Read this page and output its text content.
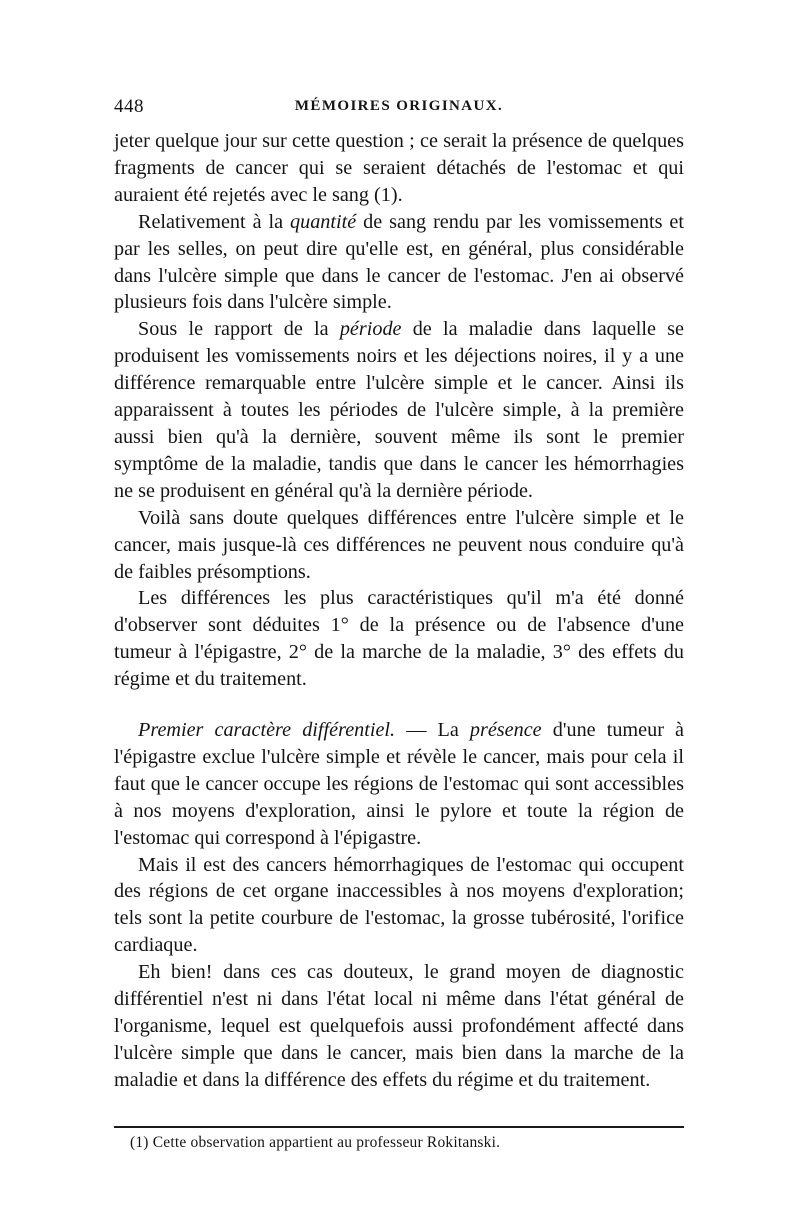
448	MÉMOIRES ORIGINAUX.

jeter quelque jour sur cette question ; ce serait la présence de quelques fragments de cancer qui se seraient détachés de l'estomac et qui auraient été rejetés avec le sang (1).

Relativement à la quantité de sang rendu par les vomissements et par les selles, on peut dire qu'elle est, en général, plus considérable dans l'ulcère simple que dans le cancer de l'estomac. J'en ai observé plusieurs fois dans l'ulcère simple.

Sous le rapport de la période de la maladie dans laquelle se produisent les vomissements noirs et les déjections noires, il y a une différence remarquable entre l'ulcère simple et le cancer. Ainsi ils apparaissent à toutes les périodes de l'ulcère simple, à la première aussi bien qu'à la dernière, souvent même ils sont le premier symptôme de la maladie, tandis que dans le cancer les hémorrhagies ne se produisent en général qu'à la dernière période.

Voilà sans doute quelques différences entre l'ulcère simple et le cancer, mais jusque-là ces différences ne peuvent nous conduire qu'à de faibles présomptions.

Les différences les plus caractéristiques qu'il m'a été donné d'observer sont déduites 1° de la présence ou de l'absence d'une tumeur à l'épigastre, 2° de la marche de la maladie, 3° des effets du régime et du traitement.

Premier caractère différentiel. — La présence d'une tumeur à l'épigastre exclue l'ulcère simple et révèle le cancer, mais pour cela il faut que le cancer occupe les régions de l'estomac qui sont accessibles à nos moyens d'exploration, ainsi le pylore et toute la région de l'estomac qui correspond à l'épigastre.

Mais il est des cancers hémorrhagiques de l'estomac qui occupent des régions de cet organe inaccessibles à nos moyens d'exploration; tels sont la petite courbure de l'estomac, la grosse tubérosité, l'orifice cardiaque.

Eh bien! dans ces cas douteux, le grand moyen de diagnostic différentiel n'est ni dans l'état local ni même dans l'état général de l'organisme, lequel est quelquefois aussi profondément affecté dans l'ulcère simple que dans le cancer, mais bien dans la marche de la maladie et dans la différence des effets du régime et du traitement.

(1) Cette observation appartient au professeur Rokitanski.
